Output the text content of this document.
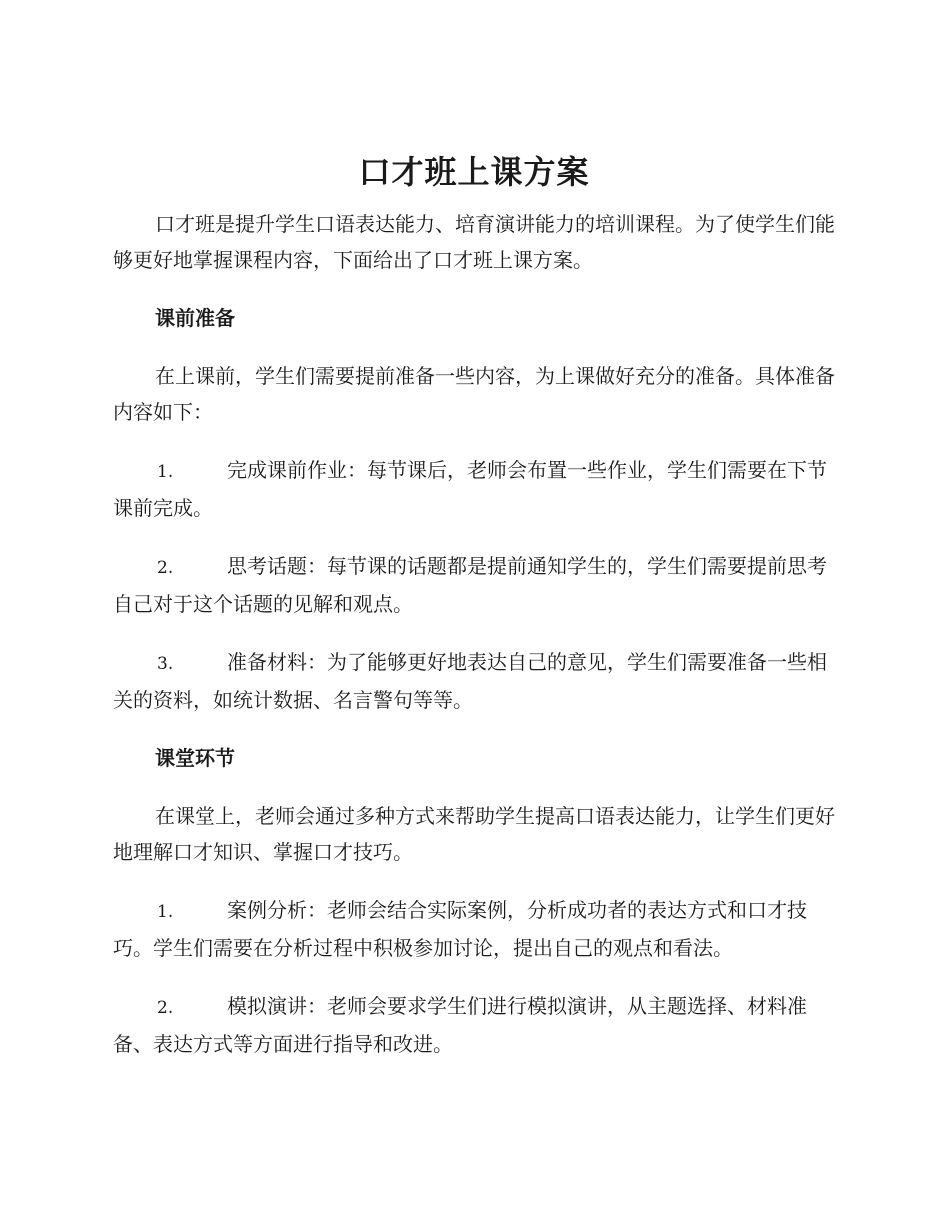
口才班上课方案

口才班是提升学生口语表达能力、培育演讲能力的培训课程。为了使学生们能够更好地掌握课程内容，下面给出了口才班上课方案。

课前准备

在上课前，学生们需要提前准备一些内容，为上课做好充分的准备。具体准备内容如下：

1.	完成课前作业：每节课后，老师会布置一些作业，学生们需要在下节课前完成。

2.	思考话题：每节课的话题都是提前通知学生的，学生们需要提前思考自己对于这个话题的见解和观点。

3.	准备材料：为了能够更好地表达自己的意见，学生们需要准备一些相关的资料，如统计数据、名言警句等等。

课堂环节

在课堂上，老师会通过多种方式来帮助学生提高口语表达能力，让学生们更好地理解口才知识、掌握口才技巧。

1.	案例分析：老师会结合实际案例，分析成功者的表达方式和口才技巧。学生们需要在分析过程中积极参加讨论，提出自己的观点和看法。

2.	模拟演讲：老师会要求学生们进行模拟演讲，从主题选择、材料准备、表达方式等方面进行指导和改进。
